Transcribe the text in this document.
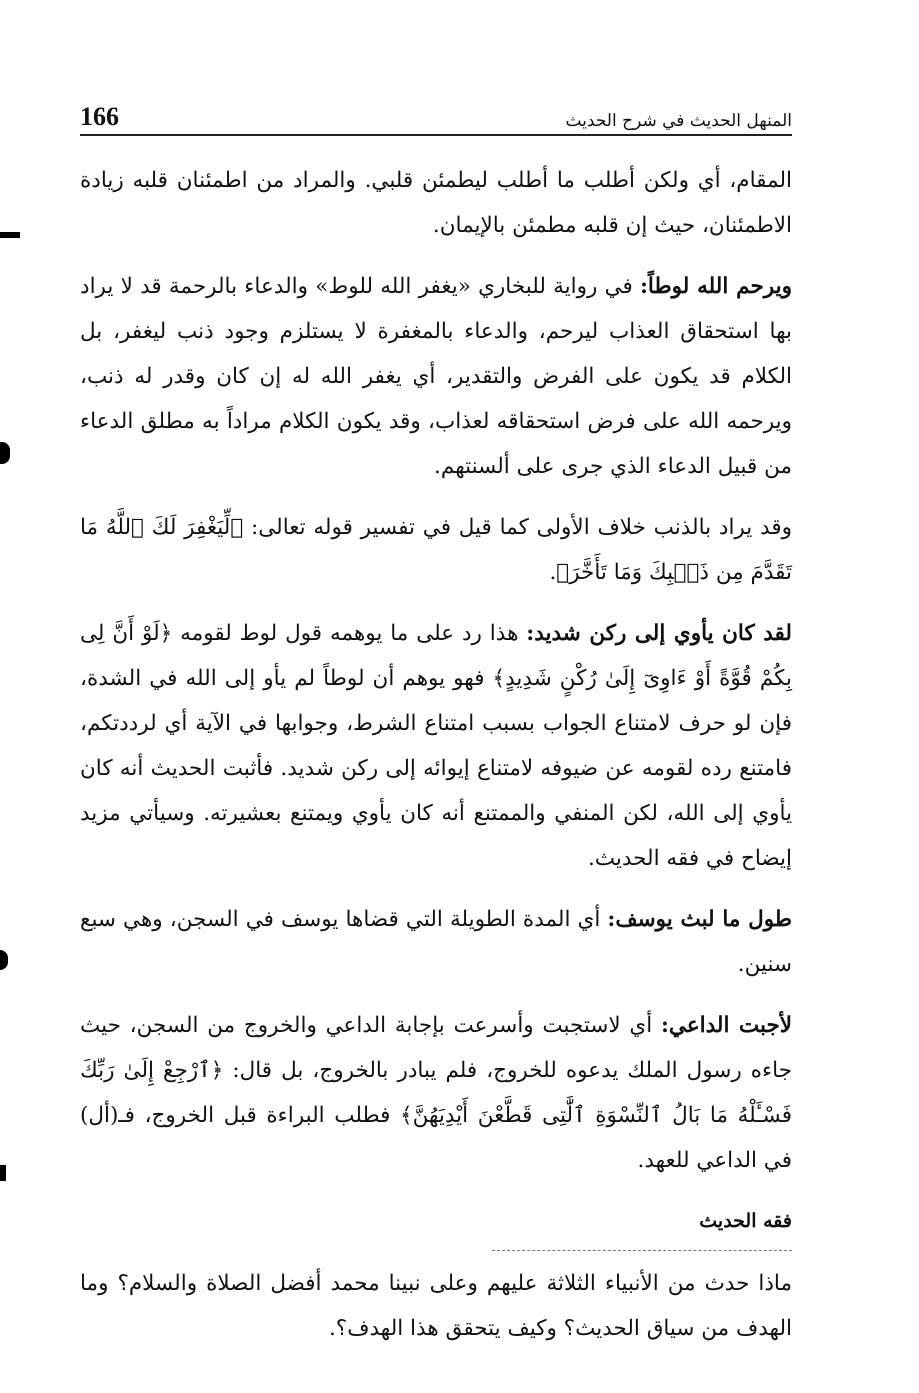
166	المنهل الحديث في شرح الحديث

المقام، أي ولكن أطلب ما أطلب ليطمئن قلبي. والمراد من اطمئنان قلبه زيادة الاطمئنان، حيث إن قلبه مطمئن بالإيمان.

ويرحم الله لوطاً: في رواية للبخاري «يغفر الله للوط» والدعاء بالرحمة قد لا يراد بها استحقاق العذاب ليرحم، والدعاء بالمغفرة لا يستلزم وجود ذنب ليغفر، بل الكلام قد يكون على الفرض والتقدير، أي يغفر الله له إن كان وقدر له ذنب، ويرحمه الله على فرض استحقاقه لعذاب، وقد يكون الكلام مراداً به مطلق الدعاء من قبيل الدعاء الذي جرى على ألسنتهم.

وقد يراد بالذنب خلاف الأولى كما قيل في تفسير قوله تعالى: ﴿لِّيَغْفِرَ لَكَ ٱللَّهُ مَا تَقَدَّمَ مِن ذَنۢبِكَ وَمَا تَأَخَّرَ﴾.

لقد كان يأوي إلى ركن شديد: هذا رد على ما يوهمه قول لوط لقومه ﴿لَوْ أَنَّ لِى بِكُمْ قُوَّةً أَوْ ءَاوِىٓ إِلَىٰ رُكْنٍ شَدِيدٍ﴾ فهو يوهم أن لوطاً لم يأو إلى الله في الشدة، فإن لو حرف لامتناع الجواب بسبب امتناع الشرط، وجوابها في الآية أي لرددتكم، فامتنع رده لقومه عن ضيوفه لامتناع إيوائه إلى ركن شديد. فأثبت الحديث أنه كان يأوي إلى الله، لكن المنفي والممتنع أنه كان يأوي ويمتنع بعشيرته. وسيأتي مزيد إيضاح في فقه الحديث.

طول ما لبث يوسف: أي المدة الطويلة التي قضاها يوسف في السجن، وهي سبع سنين.

لأجبت الداعي: أي لاستجبت وأسرعت بإجابة الداعي والخروج من السجن، حيث جاءه رسول الملك يدعوه للخروج، فلم يبادر بالخروج، بل قال: ﴿ٱرْجِعْ إِلَىٰ رَبِّكَ فَسْـَٔلْهُ مَا بَالُ ٱلنِّسْوَةِ ٱلَّٰتِى قَطَّعْنَ أَيْدِيَهُنَّ﴾ فطلب البراءة قبل الخروج، فـ(أل) في الداعي للعهد.

فقه الحديث

ماذا حدث من الأنبياء الثلاثة عليهم وعلى نبينا محمد أفضل الصلاة والسلام؟ وما الهدف من سياق الحديث؟ وكيف يتحقق هذا الهدف؟.
